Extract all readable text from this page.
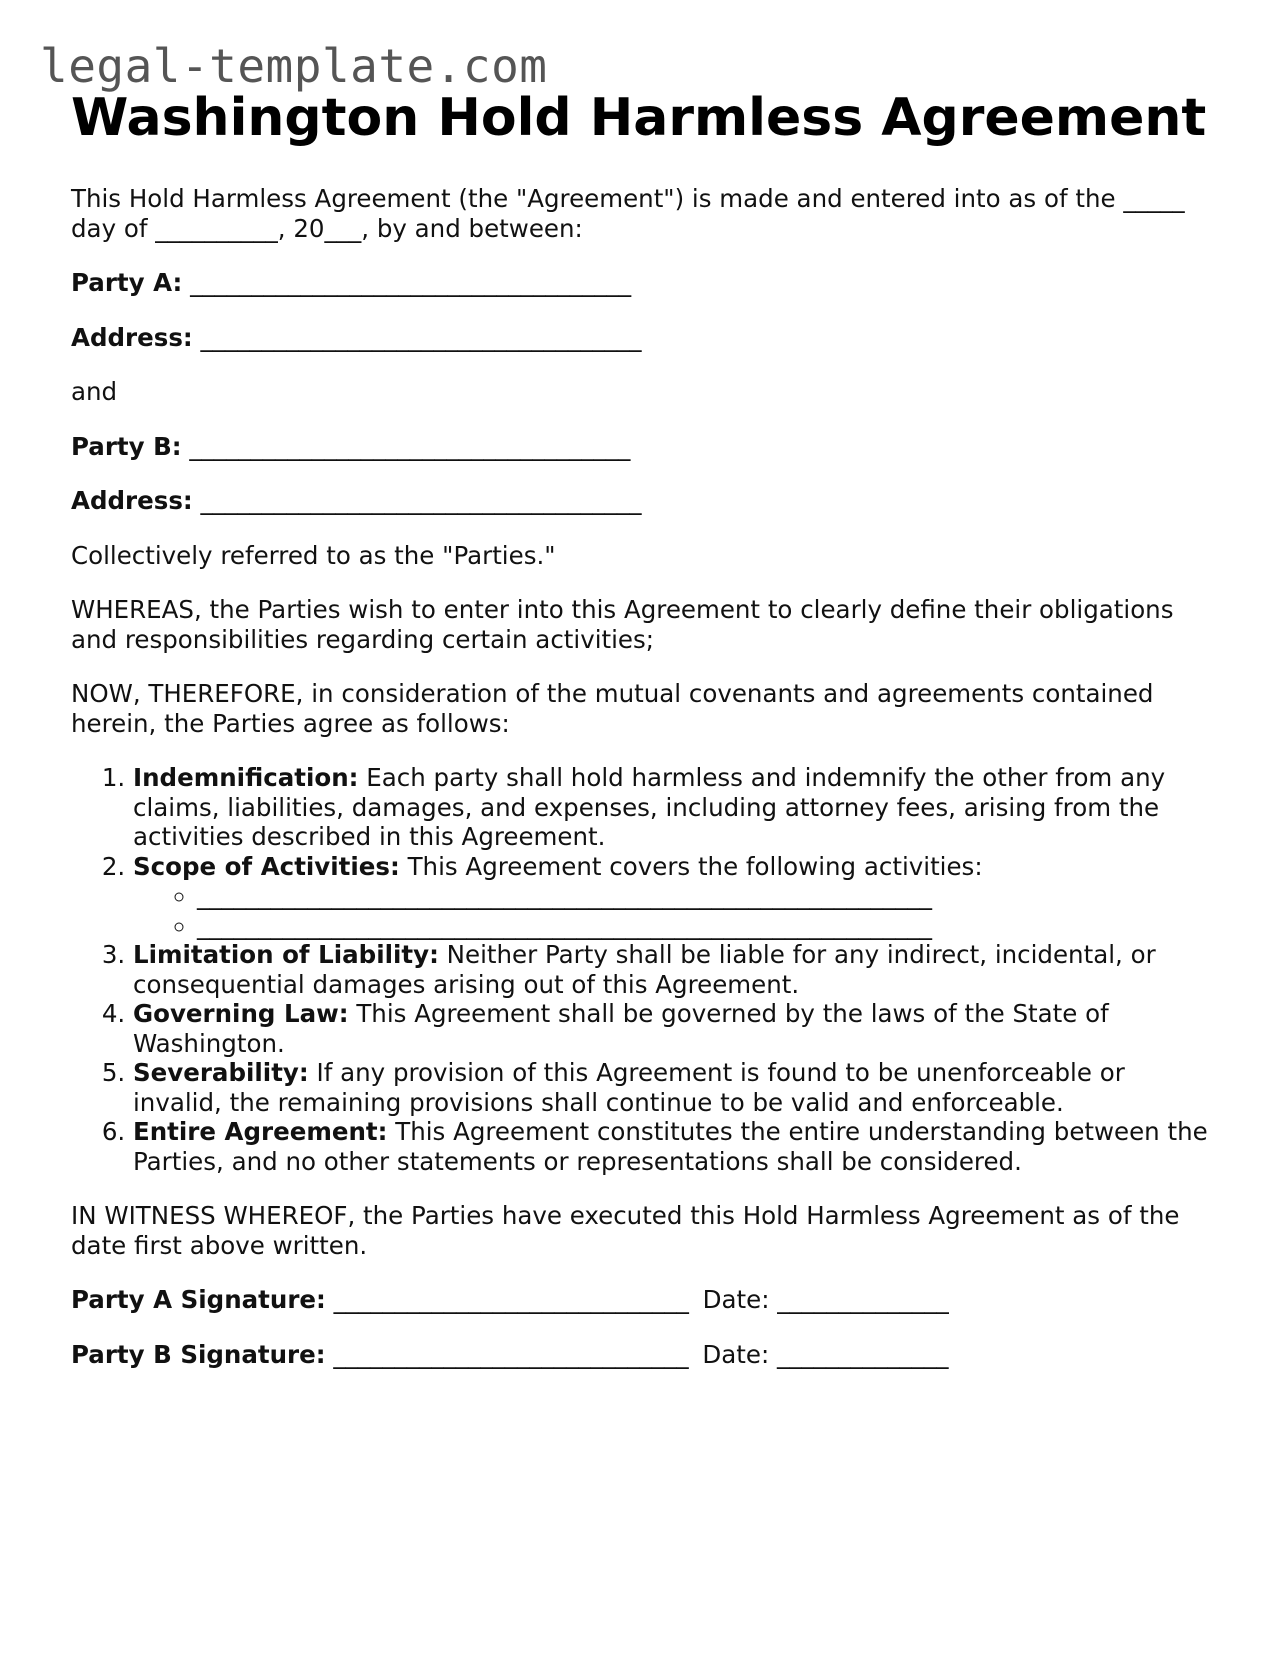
legal-template.com
Washington Hold Harmless Agreement

This Hold Harmless Agreement (the "Agreement") is made and entered into as of the _____ day of __________, 20___, by and between:

Party A: ____________________________________

Address: ____________________________________

and

Party B: ____________________________________

Address: ____________________________________

Collectively referred to as the "Parties."

WHEREAS, the Parties wish to enter into this Agreement to clearly define their obligations and responsibilities regarding certain activities;

NOW, THEREFORE, in consideration of the mutual covenants and agreements contained herein, the Parties agree as follows:

1. Indemnification: Each party shall hold harmless and indemnify the other from any claims, liabilities, damages, and expenses, including attorney fees, arising from the activities described in this Agreement.
2. Scope of Activities: This Agreement covers the following activities:
◦ ____________________________________________________________
◦ ____________________________________________________________
3. Limitation of Liability: Neither Party shall be liable for any indirect, incidental, or consequential damages arising out of this Agreement.
4. Governing Law: This Agreement shall be governed by the laws of the State of Washington.
5. Severability: If any provision of this Agreement is found to be unenforceable or invalid, the remaining provisions shall continue to be valid and enforceable.
6. Entire Agreement: This Agreement constitutes the entire understanding between the Parties, and no other statements or representations shall be considered.

IN WITNESS WHEREOF, the Parties have executed this Hold Harmless Agreement as of the date first above written.

Party A Signature: _____________________________ Date: ______________
Party B Signature: _____________________________ Date: ______________
